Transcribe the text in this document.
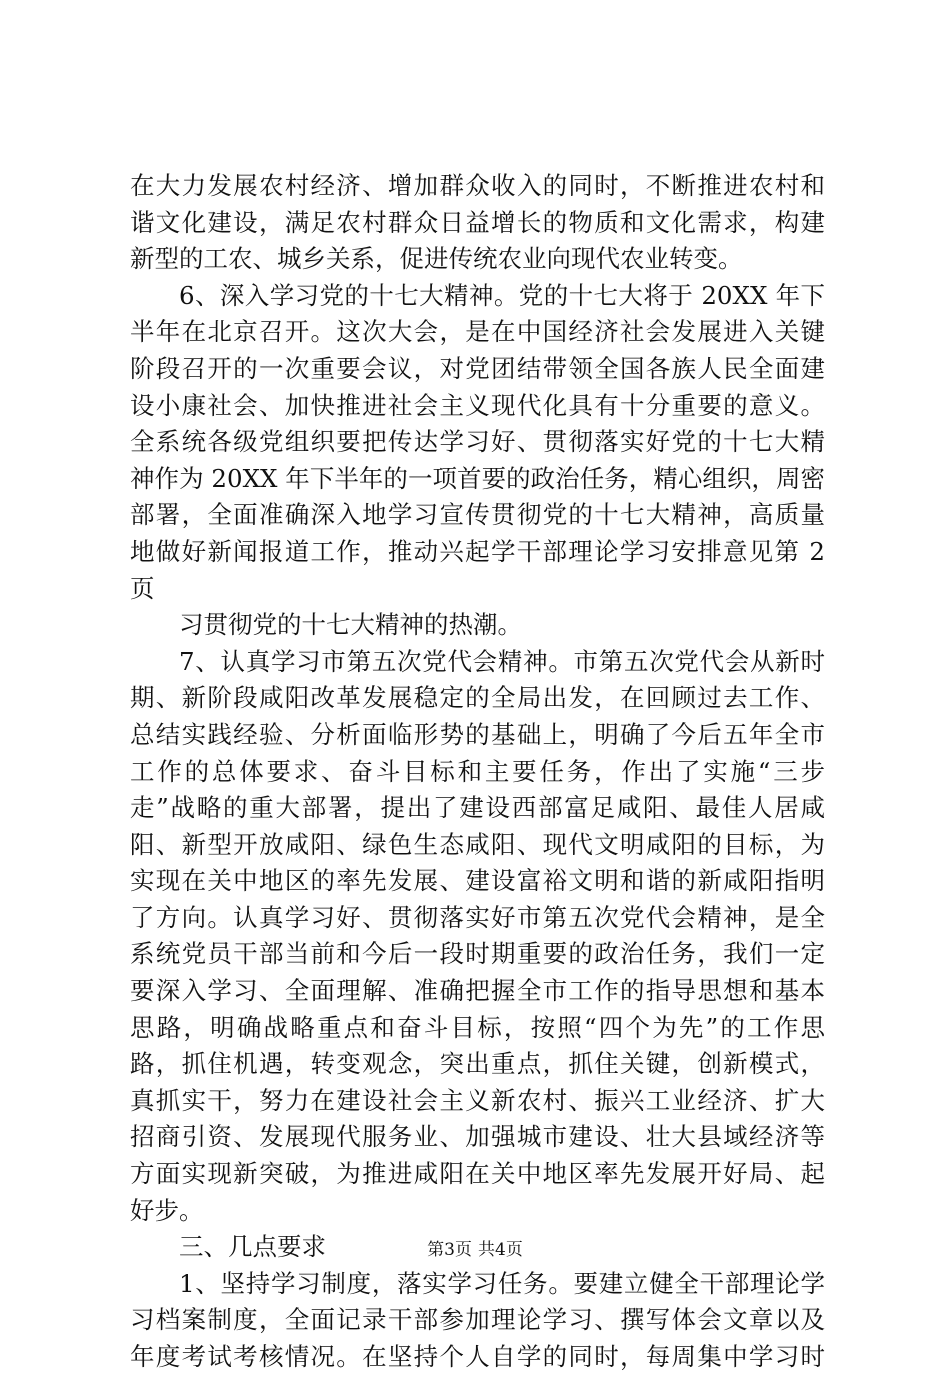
在大力发展农村经济、增加群众收入的同时，不断推进农村和
谐文化建设，满足农村群众日益增长的物质和文化需求，构建
新型的工农、城乡关系，促进传统农业向现代农业转变。
6、深入学习党的十七大精神。党的十七大将于 20XX 年下
半年在北京召开。这次大会，是在中国经济社会发展进入关键
阶段召开的一次重要会议，对党团结带领全国各族人民全面建
设小康社会、加快推进社会主义现代化具有十分重要的意义。
全系统各级党组织要把传达学习好、贯彻落实好党的十七大精
神作为 20XX 年下半年的一项首要的政治任务，精心组织，周密
部署，全面准确深入地学习宣传贯彻党的十七大精神，高质量
地做好新闻报道工作，推动兴起学干部理论学习安排意见第 2
页
习贯彻党的十七大精神的热潮。
7、认真学习市第五次党代会精神。市第五次党代会从新时
期、新阶段咸阳改革发展稳定的全局出发，在回顾过去工作、
总结实践经验、分析面临形势的基础上，明确了今后五年全市
工作的总体要求、奋斗目标和主要任务，作出了实施“三步
走”战略的重大部署，提出了建设西部富足咸阳、最佳人居咸
阳、新型开放咸阳、绿色生态咸阳、现代文明咸阳的目标，为
实现在关中地区的率先发展、建设富裕文明和谐的新咸阳指明
了方向。认真学习好、贯彻落实好市第五次党代会精神，是全
系统党员干部当前和今后一段时期重要的政治任务，我们一定
要深入学习、全面理解、准确把握全市工作的指导思想和基本
思路，明确战略重点和奋斗目标，按照“四个为先”的工作思
路，抓住机遇，转变观念，突出重点，抓住关键，创新模式，
真抓实干，努力在建设社会主义新农村、振兴工业经济、扩大
招商引资、发展现代服务业、加强城市建设、壮大县域经济等
方面实现新突破，为推进咸阳在关中地区率先发展开好局、起
好步。
三、几点要求
1、坚持学习制度，落实学习任务。要建立健全干部理论学
习档案制度，全面记录干部参加理论学习、撰写体会文章以及
年度考试考核情况。在坚持个人自学的同时，每周集中学习时
第3页 共4页
